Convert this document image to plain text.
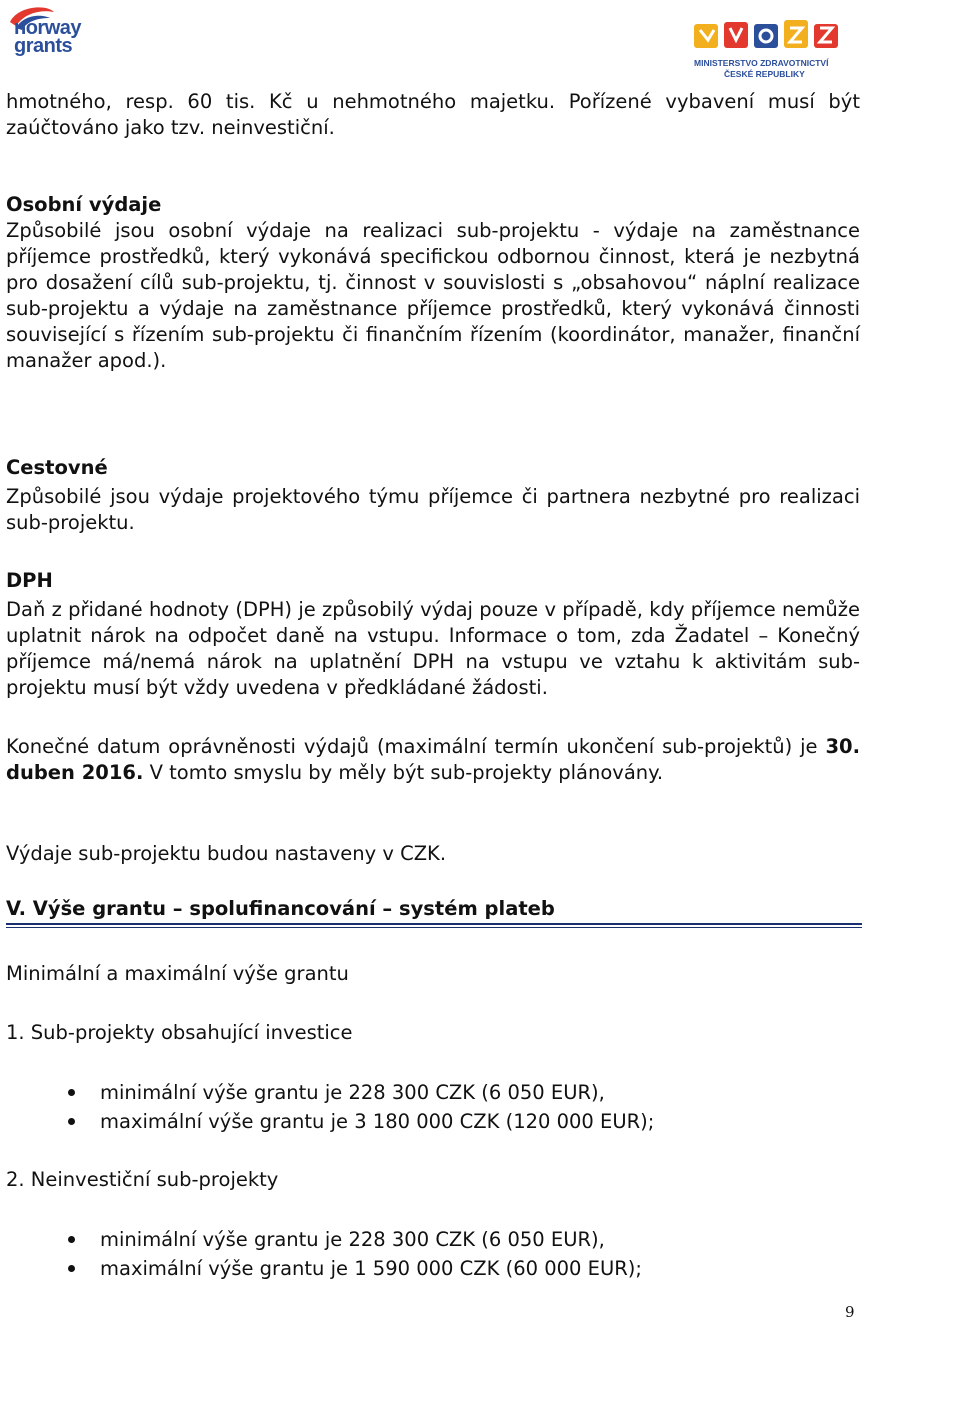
norway
grants
MINISTERSTVO ZDRAVOTNICTVÍ
ČESKÉ REPUBLIKY

hmotného, resp. 60 tis. Kč u nehmotného majetku. Pořízené vybavení musí být zaúčtováno jako tzv. neinvestiční.

Osobní výdaje

Způsobilé jsou osobní výdaje na realizaci sub-projektu - výdaje na zaměstnance příjemce prostředků, který vykonává specifickou odbornou činnost, která je nezbytná pro dosažení cílů sub-projektu, tj. činnost v souvislosti s „obsahovou“ náplní realizace sub-projektu a výdaje na zaměstnance příjemce prostředků, který vykonává činnosti související s řízením sub-projektu či finančním řízením (koordinátor, manažer, finanční manažer apod.).

Cestovné

Způsobilé jsou výdaje projektového týmu příjemce či partnera nezbytné pro realizaci sub-projektu.

DPH

Daň z přidané hodnoty (DPH) je způsobilý výdaj pouze v případě, kdy příjemce nemůže uplatnit nárok na odpočet daně na vstupu. Informace o tom, zda Žadatel – Konečný příjemce má/nemá nárok na uplatnění DPH na vstupu ve vztahu k aktivitám sub-projektu musí být vždy uvedena v předkládané žádosti.

Konečné datum oprávněnosti výdajů (maximální termín ukončení sub-projektů) je 30. duben 2016. V tomto smyslu by měly být sub-projekty plánovány.

Výdaje sub-projektu budou nastaveny v CZK.

V. Výše grantu – spolufinancování – systém plateb

Minimální a maximální výše grantu

1. Sub-projekty obsahující investice

minimální výše grantu je 228 300 CZK (6 050 EUR),
maximální výše grantu je 3 180 000 CZK (120 000 EUR);

2. Neinvestiční sub-projekty

minimální výše grantu je 228 300 CZK (6 050 EUR),
maximální výše grantu je 1 590 000 CZK (60 000 EUR);
9
